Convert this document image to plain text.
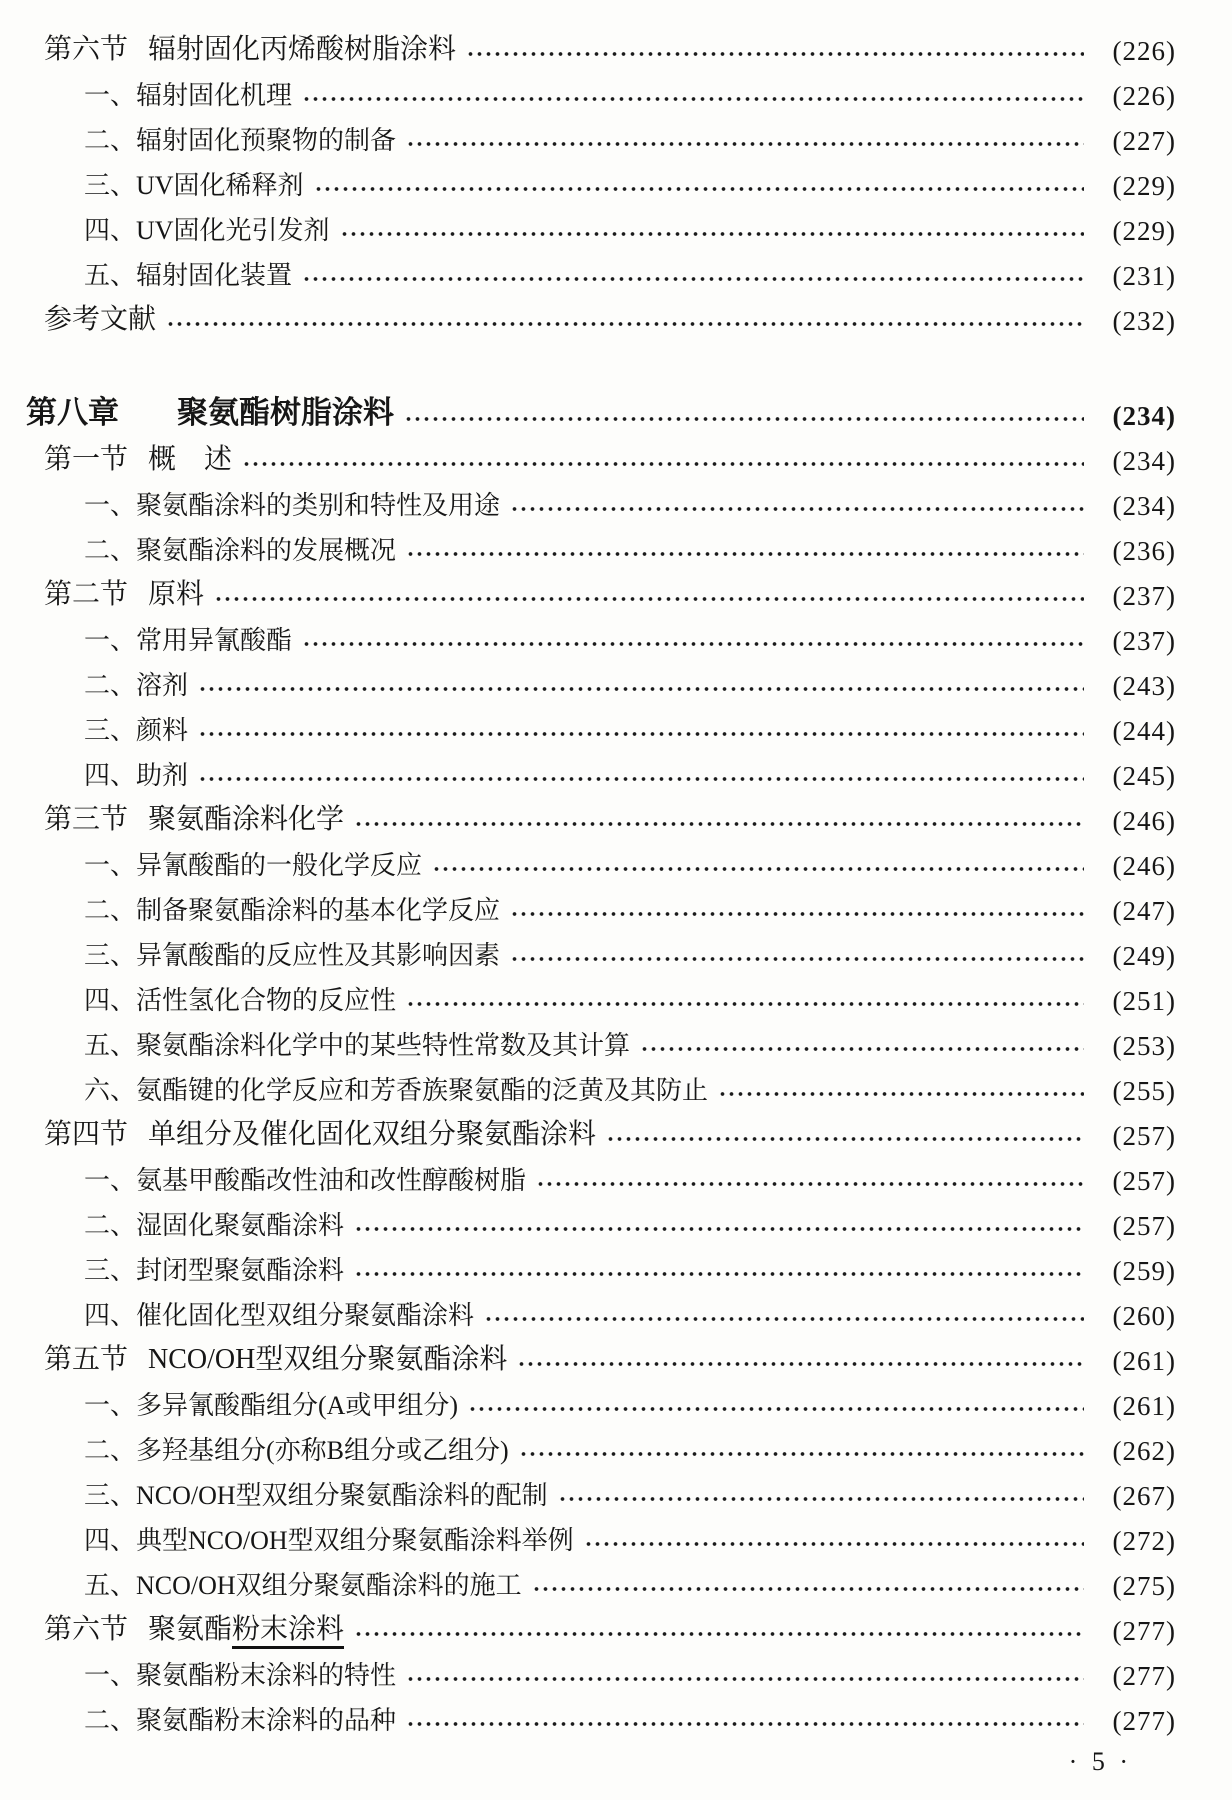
第六节 辐射固化丙烯酸树脂涂料	(226)
一、辐射固化机理	(226)
二、辐射固化预聚物的制备	(227)
三、UV固化稀释剂	(229)
四、UV固化光引发剂	(229)
五、辐射固化装置	(231)
参考文献	(232)
第八章 聚氨酯树脂涂料	(234)
第一节 概　述	(234)
一、聚氨酯涂料的类别和特性及用途	(234)
二、聚氨酯涂料的发展概况	(236)
第二节 原料	(237)
一、常用异氰酸酯	(237)
二、溶剂	(243)
三、颜料	(244)
四、助剂	(245)
第三节 聚氨酯涂料化学	(246)
一、异氰酸酯的一般化学反应	(246)
二、制备聚氨酯涂料的基本化学反应	(247)
三、异氰酸酯的反应性及其影响因素	(249)
四、活性氢化合物的反应性	(251)
五、聚氨酯涂料化学中的某些特性常数及其计算	(253)
六、氨酯键的化学反应和芳香族聚氨酯的泛黄及其防止	(255)
第四节 单组分及催化固化双组分聚氨酯涂料	(257)
一、氨基甲酸酯改性油和改性醇酸树脂	(257)
二、湿固化聚氨酯涂料	(257)
三、封闭型聚氨酯涂料	(259)
四、催化固化型双组分聚氨酯涂料	(260)
第五节 NCO/OH型双组分聚氨酯涂料	(261)
一、多异氰酸酯组分(A或甲组分)	(261)
二、多羟基组分(亦称B组分或乙组分)	(262)
三、NCO/OH型双组分聚氨酯涂料的配制	(267)
四、典型NCO/OH型双组分聚氨酯涂料举例	(272)
五、NCO/OH双组分聚氨酯涂料的施工	(275)
第六节 聚氨酯粉末涂料	(277)
一、聚氨酯粉末涂料的特性	(277)
二、聚氨酯粉末涂料的品种	(277)
· 5 ·
